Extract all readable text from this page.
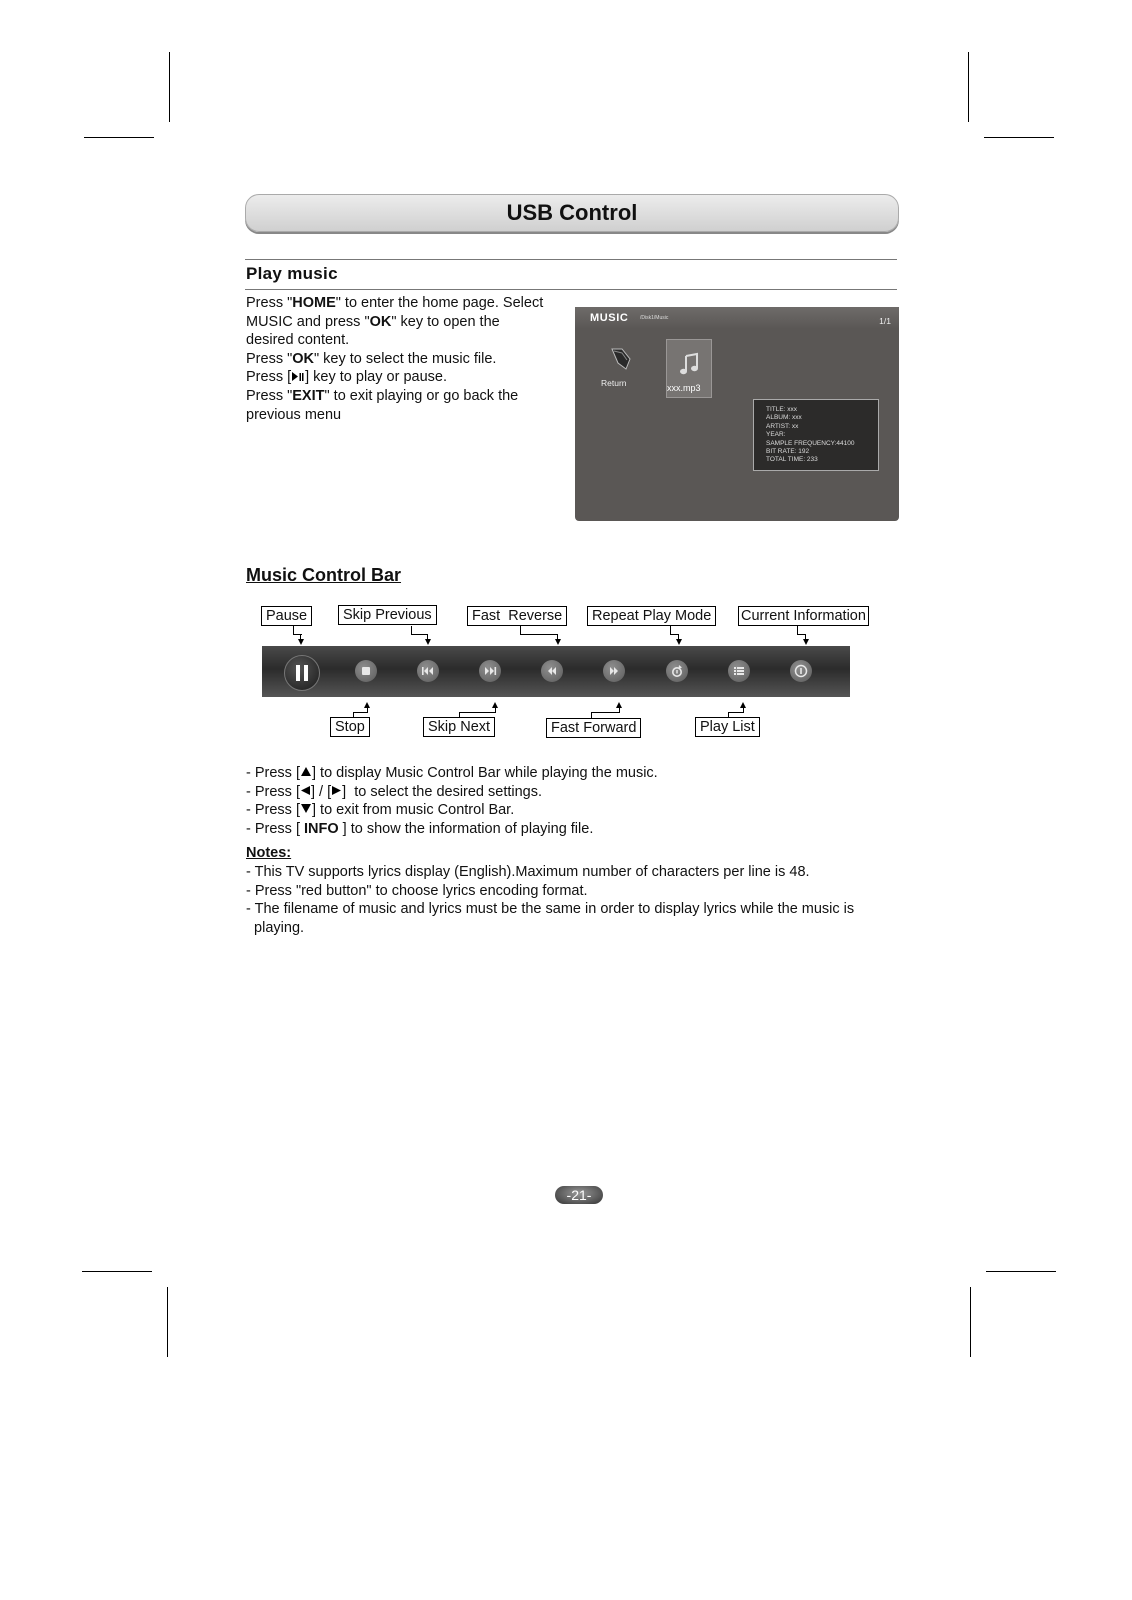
USB Control
Play music

Press "HOME" to enter the home page. Select

MUSIC and press "OK" key to open the

desired content.

Press "OK" key to select the music file.

Press [ ] key to play or pause.

Press "EXIT" to exit playing or go back the

previous menu

MUSIC /Disk1/Music	1/1
Return	xxx.mp3
TITLE: xxx
ALBUM: xxx
ARTIST: xx
YEAR:
SAMPLE FREQUENCY:44100
BIT RATE: 192
TOTAL TIME: 233
Music Control Bar
Pause	Skip Previous	Fast  Reverse	Repeat Play Mode	Current Information
Stop	Skip Next	Fast Forward	Play List
- Press [ ] to display Music Control Bar while playing the music.
- Press [ ] / [ ]  to select the desired settings.
- Press [ ] to exit from music Control Bar.
- Press [ INFO ] to show the information of playing file.
Notes:
- This TV supports lyrics display (English).Maximum number of characters per line is 48.
- Press "red button" to choose lyrics encoding format.
- The filename of music and lyrics must be the same in order to display lyrics while the music is
playing.
-21-
